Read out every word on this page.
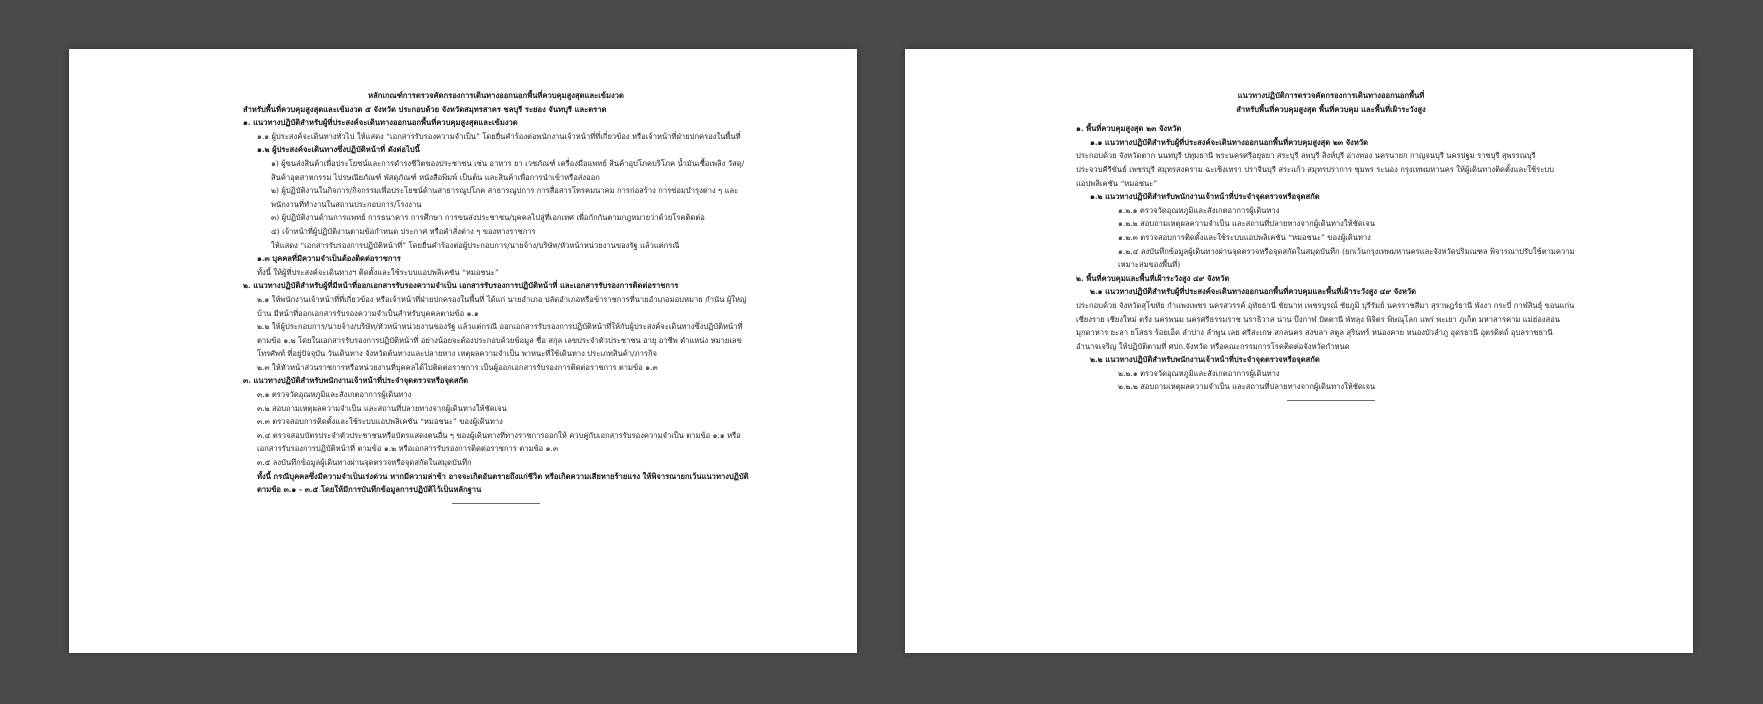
หลักเกณฑ์การตรวจคัดกรองการเดินทางออกนอกพื้นที่ควบคุมสูงสุดและเข้มงวด
สำหรับพื้นที่ควบคุมสูงสุดและเข้มงวด ๕ จังหวัด ประกอบด้วย จังหวัดสมุทรสาคร ชลบุรี ระยอง จันทบุรี และตราด
๑. แนวทางปฏิบัติสำหรับผู้ที่ประสงค์จะเดินทางออกนอกพื้นที่ควบคุมสูงสุดและเข้มงวด
๑.๑ ผู้ประสงค์จะเดินทางทั่วไป ให้แสดง “เอกสารรับรองความจำเป็น” โดยยื่นคำร้องต่อพนักงานเจ้าหน้าที่ที่เกี่ยวข้อง หรือเจ้าหน้าที่ฝ่ายปกครองในพื้นที่
๑.๒ ผู้ประสงค์จะเดินทางซึ่งปฏิบัติหน้าที่ ดังต่อไปนี้
๑) ผู้ขนส่งสินค้าเพื่อประโยชน์และการดำรงชีวิตของประชาชน เช่น อาหาร ยา เวชภัณฑ์ เครื่องมือแพทย์ สินค้าอุปโภคบริโภค น้ำมันเชื้อเพลิง วัสดุ/สินค้าอุตสาหกรรม ไปรษณียภัณฑ์ พัสดุภัณฑ์ หนังสือพิมพ์ เป็นต้น และสินค้าเพื่อการนำเข้าหรือส่งออก
๒) ผู้ปฏิบัติงานในกิจการ/กิจกรรมเพื่อประโยชน์ด้านสาธารณูปโภค สาธารณูปการ การสื่อสารโทรคมนาคม การก่อสร้าง การซ่อมบำรุงต่าง ๆ และพนักงานที่ทำงานในสถานประกอบการ/โรงงาน
๓) ผู้ปฏิบัติงานด้านการแพทย์ การธนาคาร การศึกษา การขนส่งประชาชน/บุคคลไปสู่ที่เอกเทศ เพื่อกักกันตามกฎหมายว่าด้วยโรคติดต่อ
๔) เจ้าหน้าที่ผู้ปฏิบัติงานตามข้อกำหนด ประกาศ หรือคำสั่งต่าง ๆ ของทางราชการ
ให้แสดง “เอกสารรับรองการปฏิบัติหน้าที่” โดยยื่นคำร้องต่อผู้ประกอบการ/นายจ้าง/บริษัท/หัวหน้าหน่วยงานของรัฐ แล้วแต่กรณี
๑.๓ บุคคลที่มีความจำเป็นต้องติดต่อราชการ
ทั้งนี้ ให้ผู้ที่ประสงค์จะเดินทางฯ ติดตั้งและใช้ระบบแอปพลิเคชัน “หมอชนะ”
๒. แนวทางปฏิบัติสำหรับผู้ที่มีหน้าที่ออกเอกสารรับรองความจำเป็น เอกสารรับรองการปฏิบัติหน้าที่ และเอกสารรับรองการติดต่อราชการ
๒.๑ ให้พนักงานเจ้าหน้าที่ที่เกี่ยวข้อง หรือเจ้าหน้าที่ฝ่ายปกครองในพื้นที่ ได้แก่ นายอำเภอ ปลัดอำเภอหรือข้าราชการที่นายอำเภอมอบหมาย กำนัน ผู้ใหญ่บ้าน มีหน้าที่ออกเอกสารรับรองความจำเป็นสำหรับบุคคลตามข้อ ๑.๑
๒.๒ ให้ผู้ประกอบการ/นายจ้าง/บริษัท/หัวหน้าหน่วยงานของรัฐ แล้วแต่กรณี ออกเอกสารรับรองการปฏิบัติหน้าที่ให้กับผู้ประสงค์จะเดินทางซึ่งปฏิบัติหน้าที่ ตามข้อ ๑.๒ โดยในเอกสารรับรองการปฏิบัติหน้าที่ อย่างน้อยจะต้องประกอบด้วยข้อมูล ชื่อ สกุล เลขประจำตัวประชาชน อายุ อาชีพ ตำแหน่ง หมายเลขโทรศัพท์ ที่อยู่ปัจจุบัน วันเดินทาง จังหวัดต้นทางและปลายทาง เหตุผลความจำเป็น พาหนะที่ใช้เดินทาง ประเภทสินค้า/ภารกิจ
๒.๓ ให้หัวหน้าส่วนราชการหรือหน่วยงานที่บุคคลได้ไปติดต่อราชการ เป็นผู้ออกเอกสารรับรองการติดต่อราชการ ตามข้อ ๑.๓
๓. แนวทางปฏิบัติสำหรับพนักงานเจ้าหน้าที่ประจำจุดตรวจหรือจุดสกัด
๓.๑ ตรวจวัดอุณหภูมิและสังเกตอาการผู้เดินทาง
๓.๒ สอบถามเหตุผลความจำเป็น และสถานที่ปลายทางจากผู้เดินทางให้ชัดเจน
๓.๓ ตรวจสอบการติดตั้งและใช้ระบบแอปพลิเคชัน “หมอชนะ” ของผู้เดินทาง
๓.๔ ตรวจสอบบัตรประจำตัวประชาชนหรือบัตรแสดงตนอื่น ๆ ของผู้เดินทางที่ทางราชการออกให้ ควบคู่กับเอกสารรับรองความจำเป็น ตามข้อ ๑.๑ หรือเอกสารรับรองการปฏิบัติหน้าที่ ตามข้อ ๑.๒ หรือเอกสารรับรองการติดต่อราชการ ตามข้อ ๑.๓
๓.๕ ลงบันทึกข้อมูลผู้เดินทางผ่านจุดตรวจหรือจุดสกัดในสมุดบันทึก
ทั้งนี้ กรณีบุคคลซึ่งมีความจำเป็นเร่งด่วน หากมีความล่าช้า อาจจะเกิดอันตรายถึงแก่ชีวิต หรือเกิดความเสียหายร้ายแรง ให้พิจารณายกเว้นแนวทางปฏิบัติ ตามข้อ ๓.๑ - ๓.๕ โดยให้มีการบันทึกข้อมูลการปฏิบัติไว้เป็นหลักฐาน
แนวทางปฏิบัติการตรวจคัดกรองการเดินทางออกนอกพื้นที่
สำหรับพื้นที่ควบคุมสูงสุด พื้นที่ควบคุม และพื้นที่เฝ้าระวังสูง
๑. พื้นที่ควบคุมสูงสุด ๒๓ จังหวัด
๑.๑ แนวทางปฏิบัติสำหรับผู้ที่ประสงค์จะเดินทางออกนอกพื้นที่ควบคุมสูงสุด ๒๓ จังหวัด
ประกอบด้วย จังหวัดตาก นนทบุรี ปทุมธานี พระนครศรีอยุธยา สระบุรี ลพบุรี สิงห์บุรี อ่างทอง นครนายก กาญจนบุรี นครปฐม ราชบุรี สุพรรณบุรี ประจวบคีรีขันธ์ เพชรบุรี สมุทรสงคราม ฉะเชิงเทรา ปราจีนบุรี สระแก้ว สมุทรปราการ ชุมพร ระนอง กรุงเทพมหานคร ให้ผู้เดินทางติดตั้งและใช้ระบบแอปพลิเคชัน “หมอชนะ”
๑.๒ แนวทางปฏิบัติสำหรับพนักงานเจ้าหน้าที่ประจำจุดตรวจหรือจุดสกัด
๑.๒.๑ ตรวจวัดอุณหภูมิและสังเกตอาการผู้เดินทาง
๑.๒.๒ สอบถามเหตุผลความจำเป็น และสถานที่ปลายทางจากผู้เดินทางให้ชัดเจน
๑.๒.๓ ตรวจสอบการติดตั้งและใช้ระบบแอปพลิเคชัน “หมอชนะ” ของผู้เดินทาง
๑.๒.๔ ลงบันทึกข้อมูลผู้เดินทางผ่านจุดตรวจหรือจุดสกัดในสมุดบันทึก (ยกเว้นกรุงเทพมหานครและจังหวัดปริมณฑล พิจารณาปรับใช้ตามความเหมาะสมของพื้นที่)
๒. พื้นที่ควบคุมและพื้นที่เฝ้าระวังสูง ๔๙ จังหวัด
๒.๑ แนวทางปฏิบัติสำหรับผู้ที่ประสงค์จะเดินทางออกนอกพื้นที่ควบคุมและพื้นที่เฝ้าระวังสูง ๔๙ จังหวัด
ประกอบด้วย จังหวัดสุโขทัย กำแพงเพชร นครสวรรค์ อุทัยธานี ชัยนาท เพชรบูรณ์ ชัยภูมิ บุรีรัมย์ นครราชสีมา สุราษฎร์ธานี พังงา กระบี่ กาฬสินธุ์ ขอนแก่น เชียงราย เชียงใหม่ ตรัง นครพนม นครศรีธรรมราช นราธิวาส น่าน บึงกาฬ ปัตตานี พัทลุง พิจิตร พิษณุโลก แพร่ พะเยา ภูเก็ต มหาสารคาม แม่ฮ่องสอน มุกดาหาร ยะลา ยโสธร ร้อยเอ็ด ลำปาง ลำพูน เลย ศรีสะเกษ สกลนคร สงขลา สตูล สุรินทร์ หนองคาย หนองบัวลำภู อุดรธานี อุตรดิตถ์ อุบลราชธานี อำนาจเจริญ ให้ปฏิบัติตามที่ ศปก.จังหวัด หรือคณะกรรมการโรคติดต่อจังหวัดกำหนด
๒.๒ แนวทางปฏิบัติสำหรับพนักงานเจ้าหน้าที่ประจำจุดตรวจหรือจุดสกัด
๒.๒.๑ ตรวจวัดอุณหภูมิและสังเกตอาการผู้เดินทาง
๒.๒.๒ สอบถามเหตุผลความจำเป็น และสถานที่ปลายทางจากผู้เดินทางให้ชัดเจน
